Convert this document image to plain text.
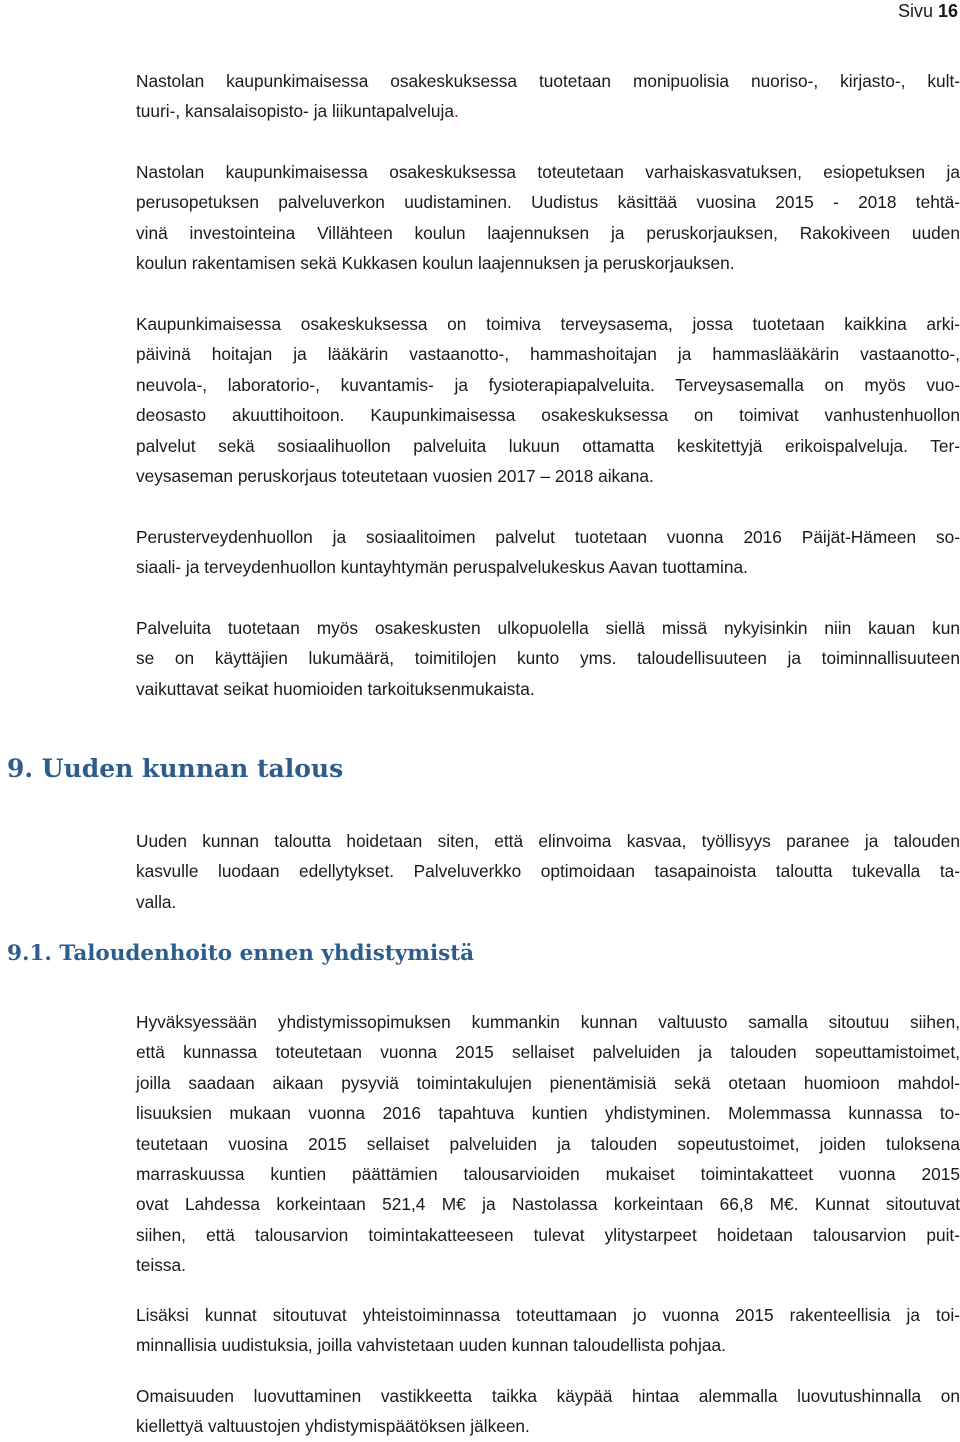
Sivu 16
Nastolan kaupunkimaisessa osakeskuksessa tuotetaan monipuolisia nuoriso-, kirjasto-, kult-
tuuri-, kansalaisopisto- ja liikuntapalveluja.
Nastolan kaupunkimaisessa osakeskuksessa toteutetaan varhaiskasvatuksen, esiopetuksen ja
perusopetuksen palveluverkon uudistaminen. Uudistus käsittää vuosina 2015 - 2018 tehtä-
vinä investointeina Villähteen koulun laajennuksen ja peruskorjauksen, Rakokiveen uuden
koulun rakentamisen sekä Kukkasen koulun laajennuksen ja peruskorjauksen.
Kaupunkimaisessa osakeskuksessa on toimiva terveysasema, jossa tuotetaan kaikkina arki-
päivinä hoitajan ja lääkärin vastaanotto-, hammashoitajan ja hammaslääkärin vastaanotto-,
neuvola-, laboratorio-, kuvantamis- ja fysioterapiapalveluita. Terveysasemalla on myös vuo-
deosasto akuuttihoitoon. Kaupunkimaisessa osakeskuksessa on toimivat vanhustenhuollon
palvelut sekä sosiaalihuollon palveluita lukuun ottamatta keskitettyjä erikoispalveluja. Ter-
veysaseman peruskorjaus toteutetaan vuosien 2017 – 2018 aikana.
Perusterveydenhuollon ja sosiaalitoimen palvelut tuotetaan vuonna 2016 Päijät-Hämeen so-
siaali- ja terveydenhuollon kuntayhtymän peruspalvelukeskus Aavan tuottamina.
Palveluita tuotetaan myös osakeskusten ulkopuolella siellä missä nykyisinkin niin kauan kun
se on käyttäjien lukumäärä, toimitilojen kunto yms. taloudellisuuteen ja toiminnallisuuteen
vaikuttavat seikat huomioiden tarkoituksenmukaista.
9. Uuden kunnan talous
Uuden kunnan taloutta hoidetaan siten, että elinvoima kasvaa, työllisyys paranee ja talouden
kasvulle luodaan edellytykset. Palveluverkko optimoidaan tasapainoista taloutta tukevalla ta-
valla.
9.1. Taloudenhoito ennen yhdistymistä
Hyväksyessään yhdistymissopimuksen kummankin kunnan valtuusto samalla sitoutuu siihen,
että kunnassa toteutetaan vuonna 2015 sellaiset palveluiden ja talouden sopeuttamistoimet,
joilla saadaan aikaan pysyviä toimintakulujen pienentämisiä sekä otetaan huomioon mahdol-
lisuuksien mukaan vuonna 2016 tapahtuva kuntien yhdistyminen. Molemmassa kunnassa to-
teutetaan vuosina 2015 sellaiset palveluiden ja talouden sopeutustoimet, joiden tuloksena
marraskuussa kuntien päättämien talousarvioiden mukaiset toimintakatteet vuonna 2015
ovat Lahdessa korkeintaan 521,4 M€ ja Nastolassa korkeintaan 66,8 M€. Kunnat sitoutuvat
siihen, että talousarvion toimintakatteeseen tulevat ylitystarpeet hoidetaan talousarvion puit-
teissa.
Lisäksi kunnat sitoutuvat yhteistoiminnassa toteuttamaan jo vuonna 2015 rakenteellisia ja toi-
minnallisia uudistuksia, joilla vahvistetaan uuden kunnan taloudellista pohjaa.
Omaisuuden luovuttaminen vastikkeetta taikka käypää hintaa alemmalla luovutushinnalla on
kiellettyä valtuustojen yhdistymispäätöksen jälkeen.
